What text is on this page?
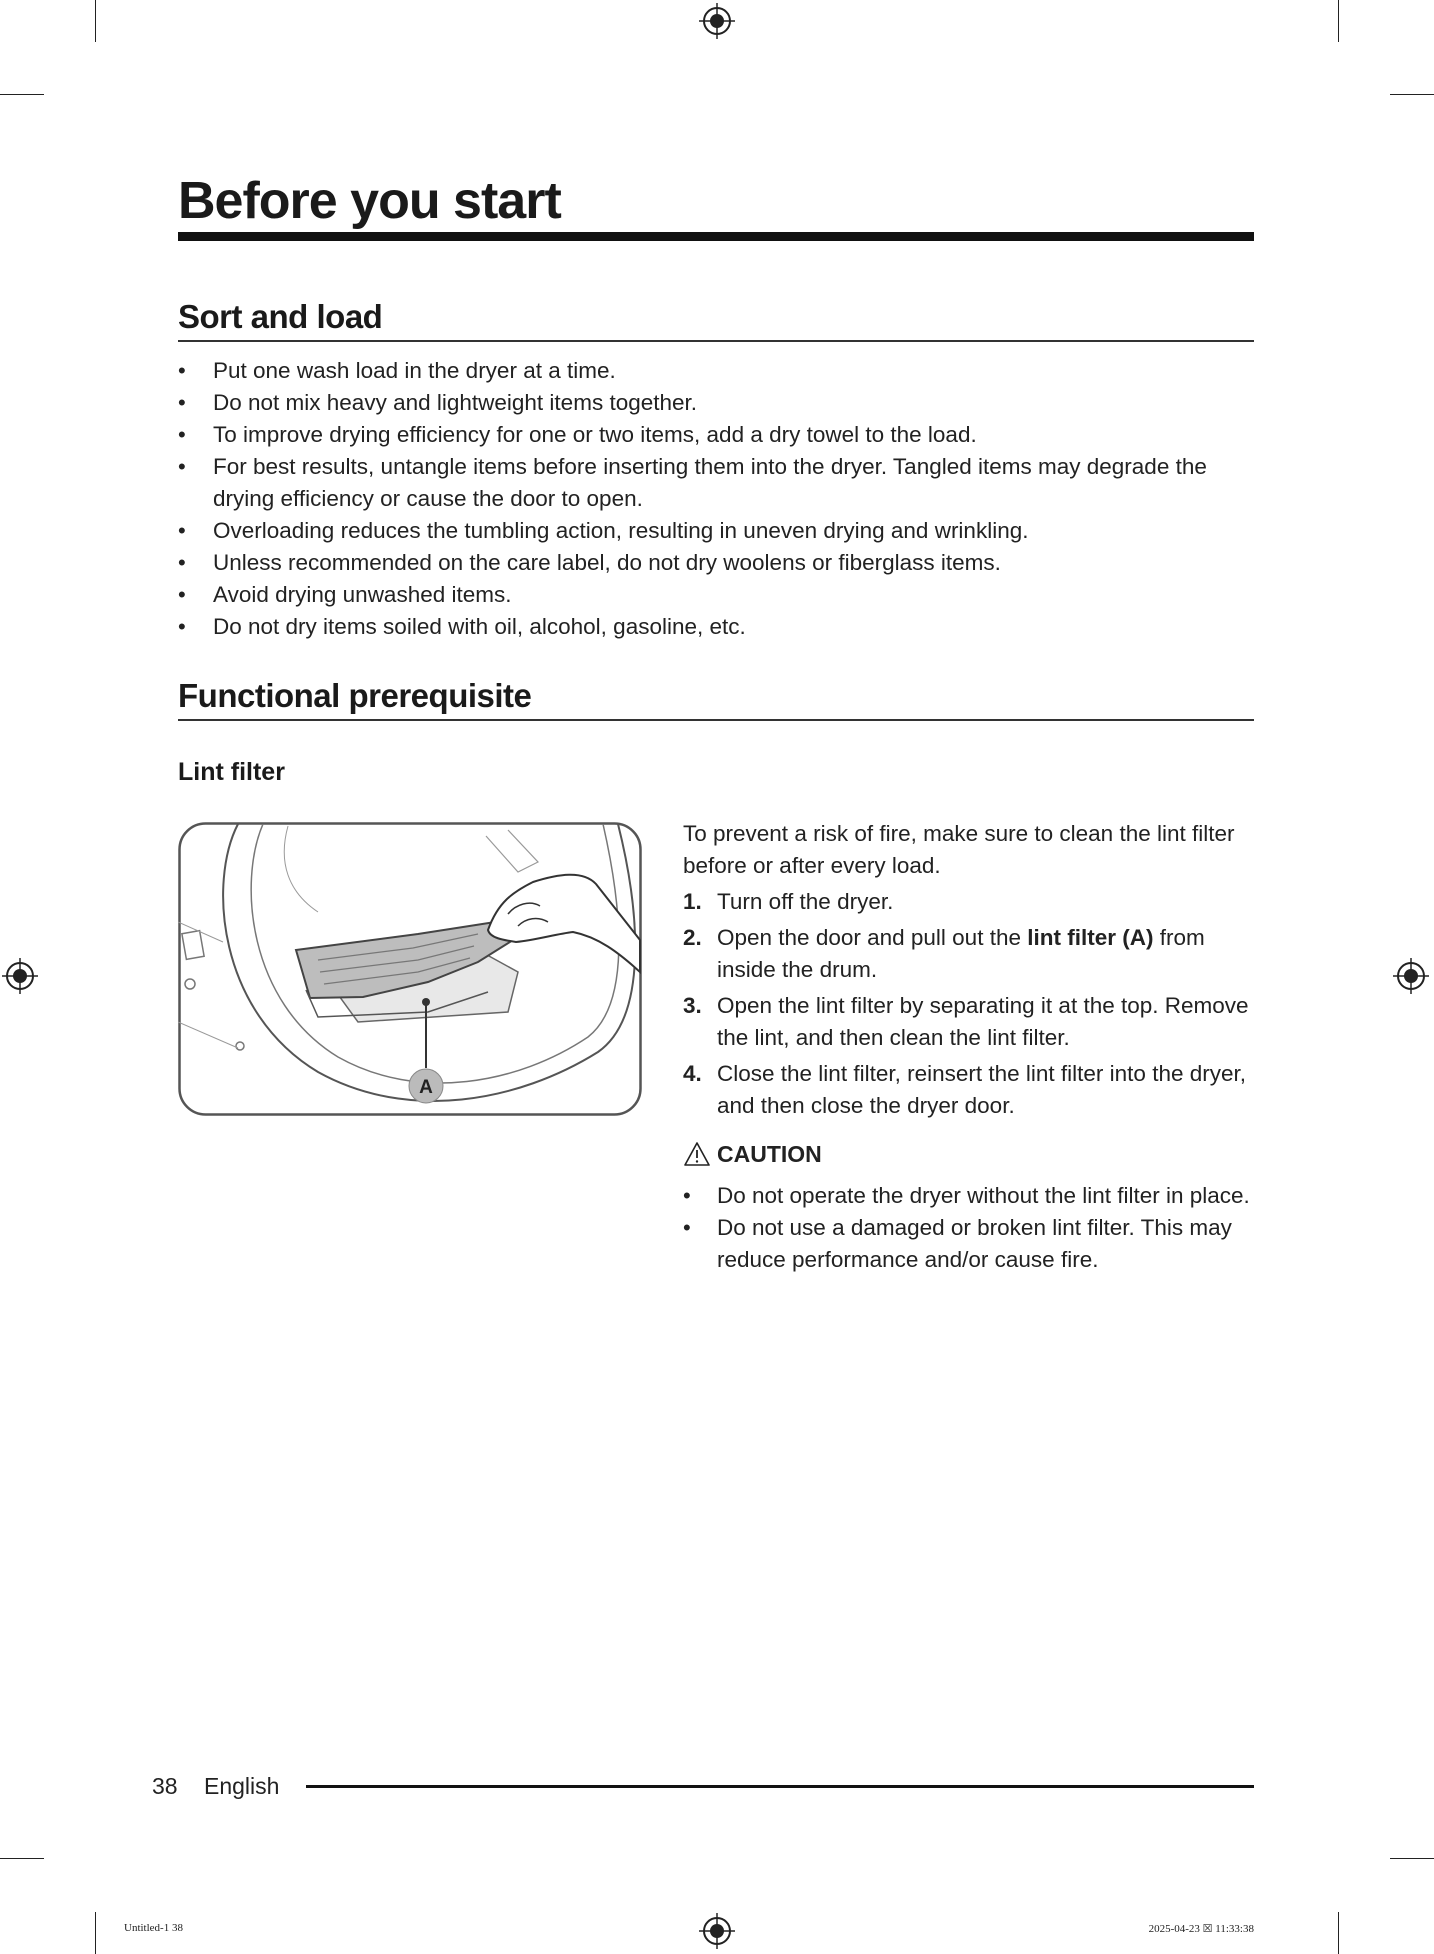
Before you start
Sort and load
• Put one wash load in the dryer at a time.
• Do not mix heavy and lightweight items together.
• To improve drying efficiency for one or two items, add a dry towel to the load.
• For best results, untangle items before inserting them into the dryer. Tangled items may degrade the drying efficiency or cause the door to open.
• Overloading reduces the tumbling action, resulting in uneven drying and wrinkling.
• Unless recommended on the care label, do not dry woolens or fiberglass items.
• Avoid drying unwashed items.
• Do not dry items soiled with oil, alcohol, gasoline, etc.
Functional prerequisite
Lint filter
A

To prevent a risk of fire, make sure to clean the lint filter before or after every load.

1. Turn off the dryer.
2. Open the door and pull out the lint filter (A) from inside the drum.
3. Open the lint filter by separating it at the top. Remove the lint, and then clean the lint filter.
4. Close the lint filter, reinsert the lint filter into the dryer, and then close the dryer door.
CAUTION
• Do not operate the dryer without the lint filter in place.
• Do not use a damaged or broken lint filter. This may reduce performance and/or cause fire.
38 English
Untitled-1 38	2025-04-23 ☒ 11:33:38
